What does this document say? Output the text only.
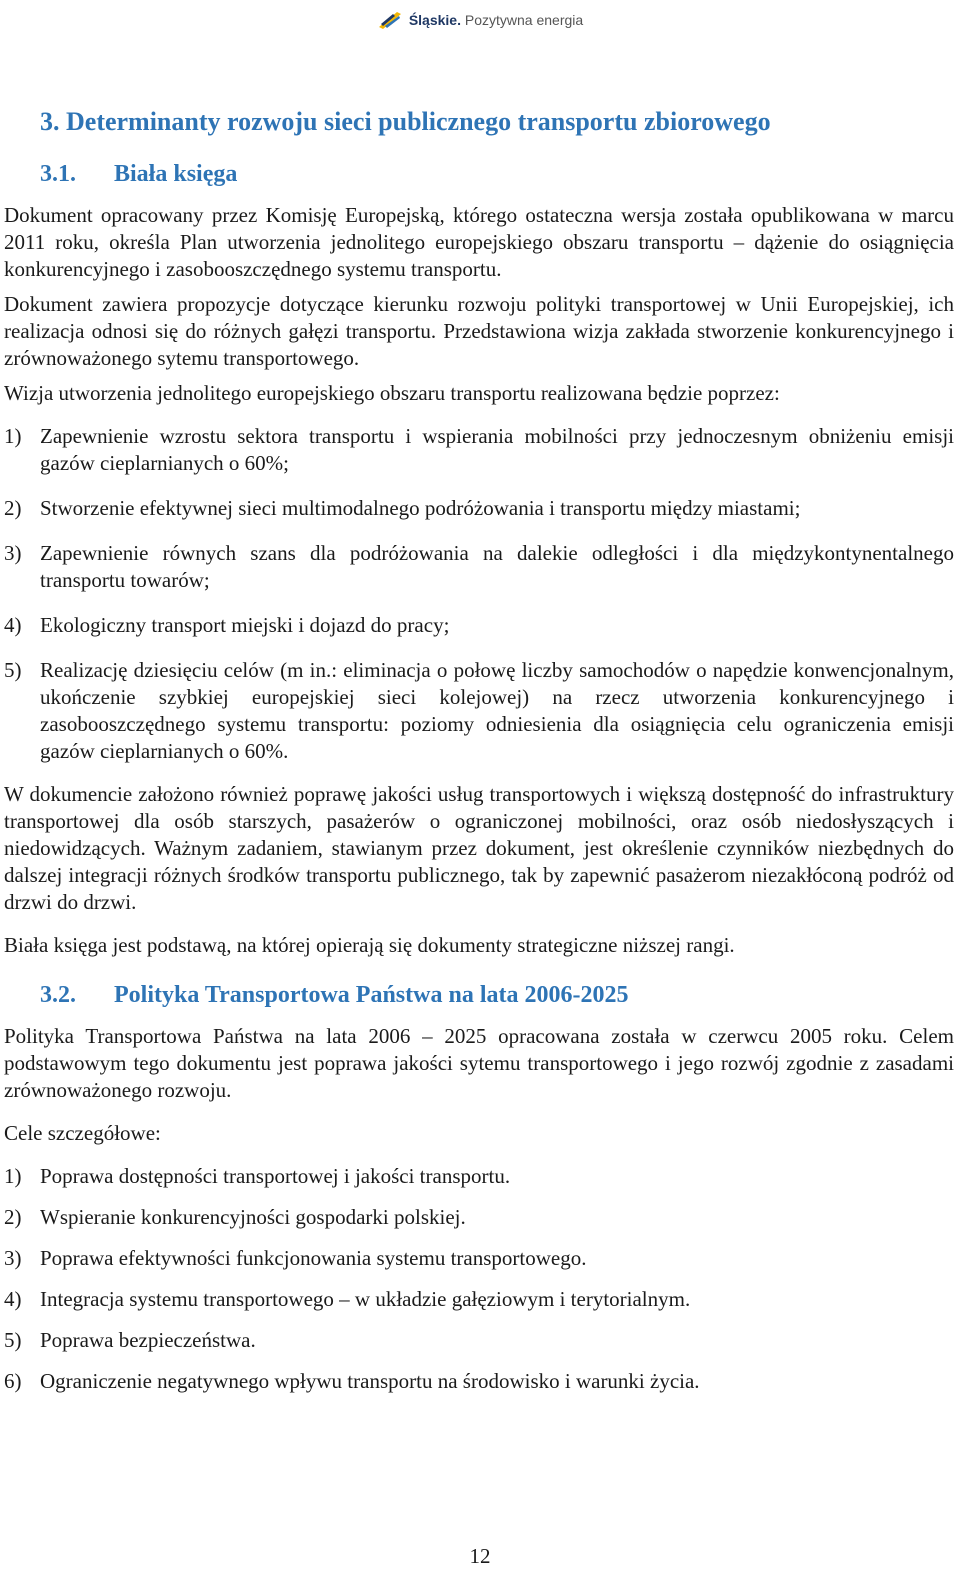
Śląskie. Pozytywna energia
3. Determinanty rozwoju sieci publicznego transportu zbiorowego
3.1.	Biała księga

Dokument opracowany przez Komisję Europejską, którego ostateczna wersja została opublikowana w marcu 2011 roku, określa Plan utworzenia jednolitego europejskiego obszaru transportu – dążenie do osiągnięcia konkurencyjnego i zasobooszczędnego systemu transportu.

Dokument zawiera propozycje dotyczące kierunku rozwoju polityki transportowej w Unii Europejskiej, ich realizacja odnosi się do różnych gałęzi transportu. Przedstawiona wizja zakłada stworzenie konkurencyjnego i zrównoważonego sytemu transportowego.

Wizja utworzenia jednolitego europejskiego obszaru transportu realizowana będzie poprzez:

1) Zapewnienie wzrostu sektora transportu i wspierania mobilności przy jednoczesnym obniżeniu emisji gazów cieplarnianych o 60%;
2) Stworzenie efektywnej sieci multimodalnego podróżowania i transportu między miastami;
3) Zapewnienie równych szans dla podróżowania na dalekie odległości i dla międzykontynentalnego transportu towarów;
4) Ekologiczny transport miejski i dojazd do pracy;
5) Realizację dziesięciu celów (m in.: eliminacja o połowę liczby samochodów o napędzie konwencjonalnym, ukończenie szybkiej europejskiej sieci kolejowej) na rzecz utworzenia konkurencyjnego i zasobooszczędnego systemu transportu: poziomy odniesienia dla osiągnięcia celu ograniczenia emisji gazów cieplarnianych o 60%.

W dokumencie założono również poprawę jakości usług transportowych i większą dostępność do infrastruktury transportowej dla osób starszych, pasażerów o ograniczonej mobilności, oraz osób niedosłyszących i niedowidzących. Ważnym zadaniem, stawianym przez dokument, jest określenie czynników niezbędnych do dalszej integracji różnych środków transportu publicznego, tak by zapewnić pasażerom niezakłóconą podróż od drzwi do drzwi.

Biała księga jest podstawą, na której opierają się dokumenty strategiczne niższej rangi.

3.2.	Polityka Transportowa Państwa na lata 2006-2025

Polityka Transportowa Państwa na lata 2006 – 2025 opracowana została w czerwcu 2005 roku. Celem podstawowym tego dokumentu jest poprawa jakości sytemu transportowego i jego rozwój zgodnie z zasadami zrównoważonego rozwoju.

Cele szczegółowe:

1) Poprawa dostępności transportowej i jakości transportu.
2) Wspieranie konkurencyjności gospodarki polskiej.
3) Poprawa efektywności funkcjonowania systemu transportowego.
4) Integracja systemu transportowego – w układzie gałęziowym i terytorialnym.
5) Poprawa bezpieczeństwa.
6) Ograniczenie negatywnego wpływu transportu na środowisko i warunki życia.
12
